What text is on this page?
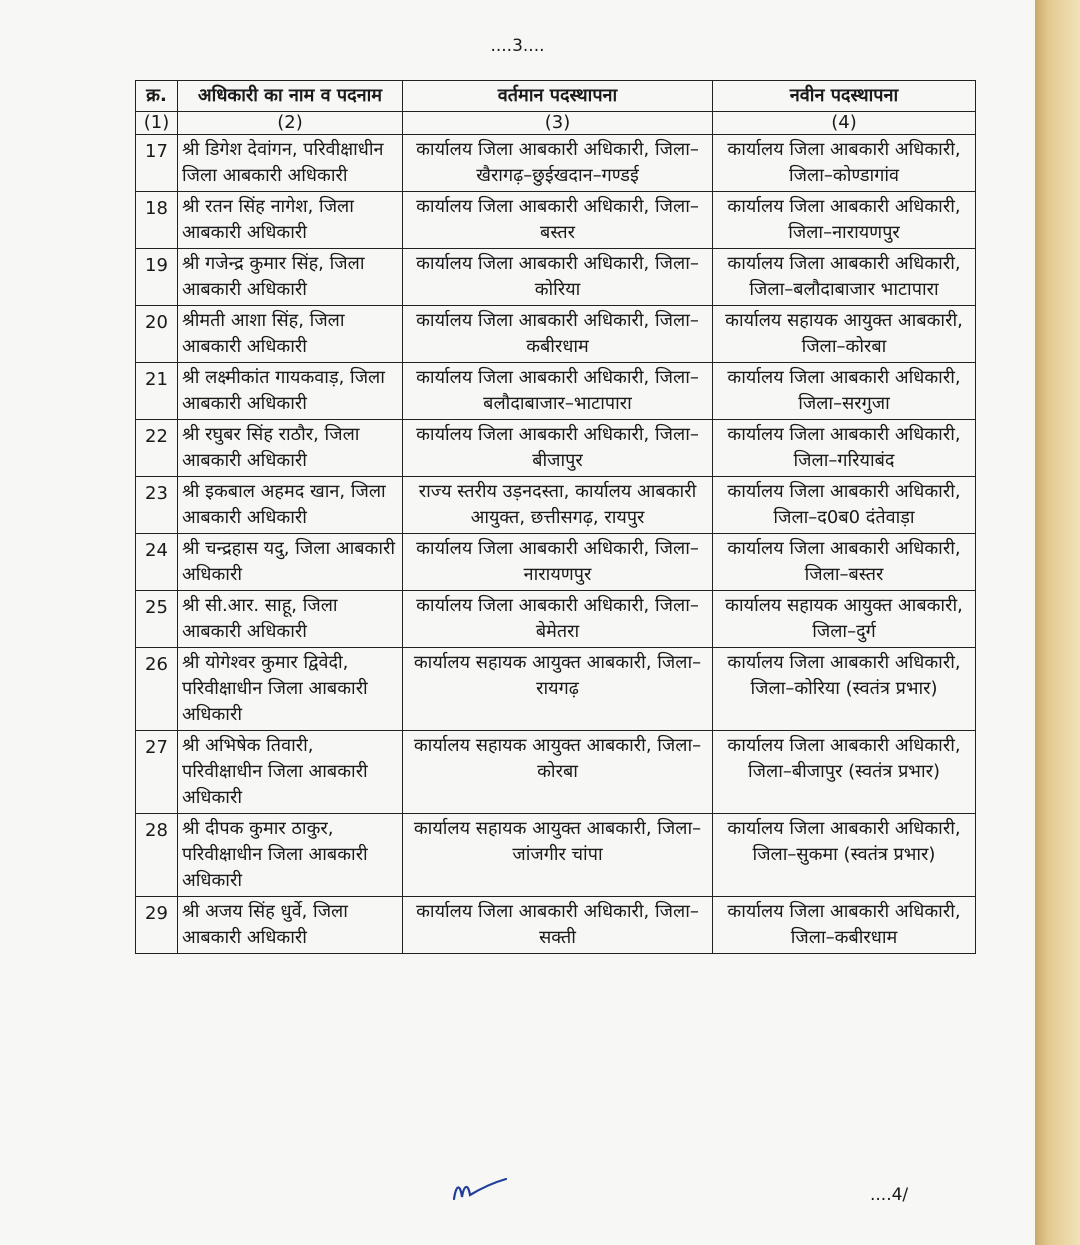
....3....
क्र.	अधिकारी का नाम व पदनाम	वर्तमान पदस्थापना	नवीन पदस्थापना
(1)	(2)	(3)	(4)
17	श्री डिगेश देवांगन, परिवीक्षाधीन जिला आबकारी अधिकारी	कार्यालय जिला आबकारी अधिकारी, जिला–खैरागढ़–छुईखदान–गण्डई	कार्यालय जिला आबकारी अधिकारी, जिला–कोण्डागांव
18	श्री रतन सिंह नागेश, जिला आबकारी अधिकारी	कार्यालय जिला आबकारी अधिकारी, जिला–बस्तर	कार्यालय जिला आबकारी अधिकारी, जिला–नारायणपुर
19	श्री गजेन्द्र कुमार सिंह, जिला आबकारी अधिकारी	कार्यालय जिला आबकारी अधिकारी, जिला–कोरिया	कार्यालय जिला आबकारी अधिकारी, जिला–बलौदाबाजार भाटापारा
20	श्रीमती आशा सिंह, जिला आबकारी अधिकारी	कार्यालय जिला आबकारी अधिकारी, जिला–कबीरधाम	कार्यालय सहायक आयुक्त आबकारी, जिला–कोरबा
21	श्री लक्ष्मीकांत गायकवाड़, जिला आबकारी अधिकारी	कार्यालय जिला आबकारी अधिकारी, जिला–बलौदाबाजार–भाटापारा	कार्यालय जिला आबकारी अधिकारी, जिला–सरगुजा
22	श्री रघुबर सिंह राठौर, जिला आबकारी अधिकारी	कार्यालय जिला आबकारी अधिकारी, जिला–बीजापुर	कार्यालय जिला आबकारी अधिकारी, जिला–गरियाबंद
23	श्री इकबाल अहमद खान, जिला आबकारी अधिकारी	राज्य स्तरीय उड़नदस्ता, कार्यालय आबकारी आयुक्त, छत्तीसगढ़, रायपुर	कार्यालय जिला आबकारी अधिकारी, जिला–द0ब0 दंतेवाड़ा
24	श्री चन्द्रहास यदु, जिला आबकारी अधिकारी	कार्यालय जिला आबकारी अधिकारी, जिला–नारायणपुर	कार्यालय जिला आबकारी अधिकारी, जिला–बस्तर
25	श्री सी.आर. साहू, जिला आबकारी अधिकारी	कार्यालय जिला आबकारी अधिकारी, जिला–बेमेतरा	कार्यालय सहायक आयुक्त आबकारी, जिला–दुर्ग
26	श्री योगेश्वर कुमार द्विवेदी, परिवीक्षाधीन जिला आबकारी अधिकारी	कार्यालय सहायक आयुक्त आबकारी, जिला–रायगढ़	कार्यालय जिला आबकारी अधिकारी, जिला–कोरिया (स्वतंत्र प्रभार)
27	श्री अभिषेक तिवारी, परिवीक्षाधीन जिला आबकारी अधिकारी	कार्यालय सहायक आयुक्त आबकारी, जिला–कोरबा	कार्यालय जिला आबकारी अधिकारी, जिला–बीजापुर (स्वतंत्र प्रभार)
28	श्री दीपक कुमार ठाकुर, परिवीक्षाधीन जिला आबकारी अधिकारी	कार्यालय सहायक आयुक्त आबकारी, जिला–जांजगीर चांपा	कार्यालय जिला आबकारी अधिकारी, जिला–सुकमा (स्वतंत्र प्रभार)
29	श्री अजय सिंह धुर्वे, जिला आबकारी अधिकारी	कार्यालय जिला आबकारी अधिकारी, जिला–सक्ती	कार्यालय जिला आबकारी अधिकारी, जिला–कबीरधाम
....4/
